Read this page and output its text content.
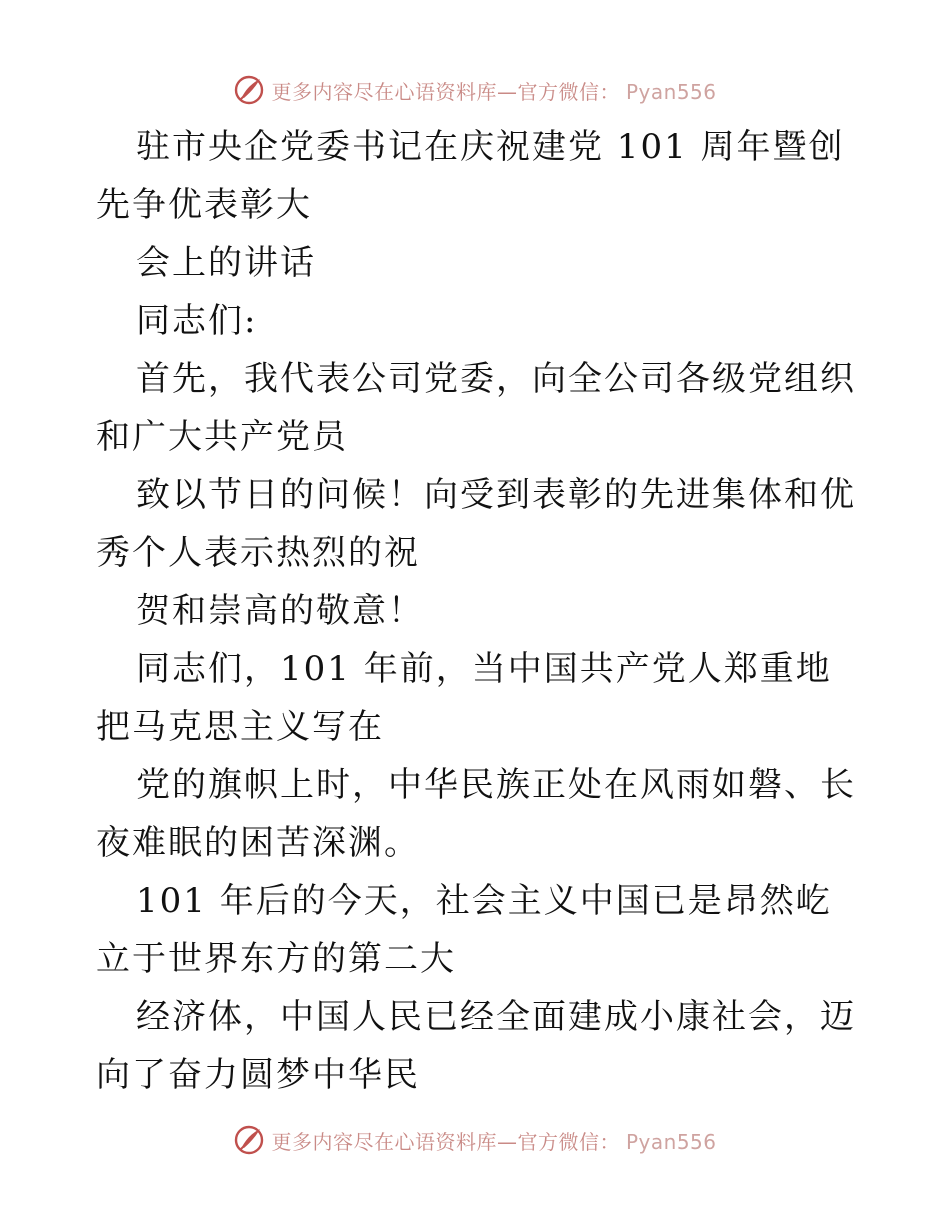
更多内容尽在心语资料库—官方微信： Pyan556

驻市央企党委书记在庆祝建党 101 周年暨创先争优表彰大

会上的讲话

同志们:

首先，我代表公司党委，向全公司各级党组织和广大共产党员

致以节日的问候！向受到表彰的先进集体和优秀个人表示热烈的祝

贺和崇高的敬意！

同志们，101 年前，当中国共产党人郑重地把马克思主义写在

党的旗帜上时，中华民族正处在风雨如磐、长夜难眠的困苦深渊。

101 年后的今天，社会主义中国已是昂然屹立于世界东方的第二大

经济体，中国人民已经全面建成小康社会，迈向了奋力圆梦中华民

更多内容尽在心语资料库—官方微信： Pyan556
